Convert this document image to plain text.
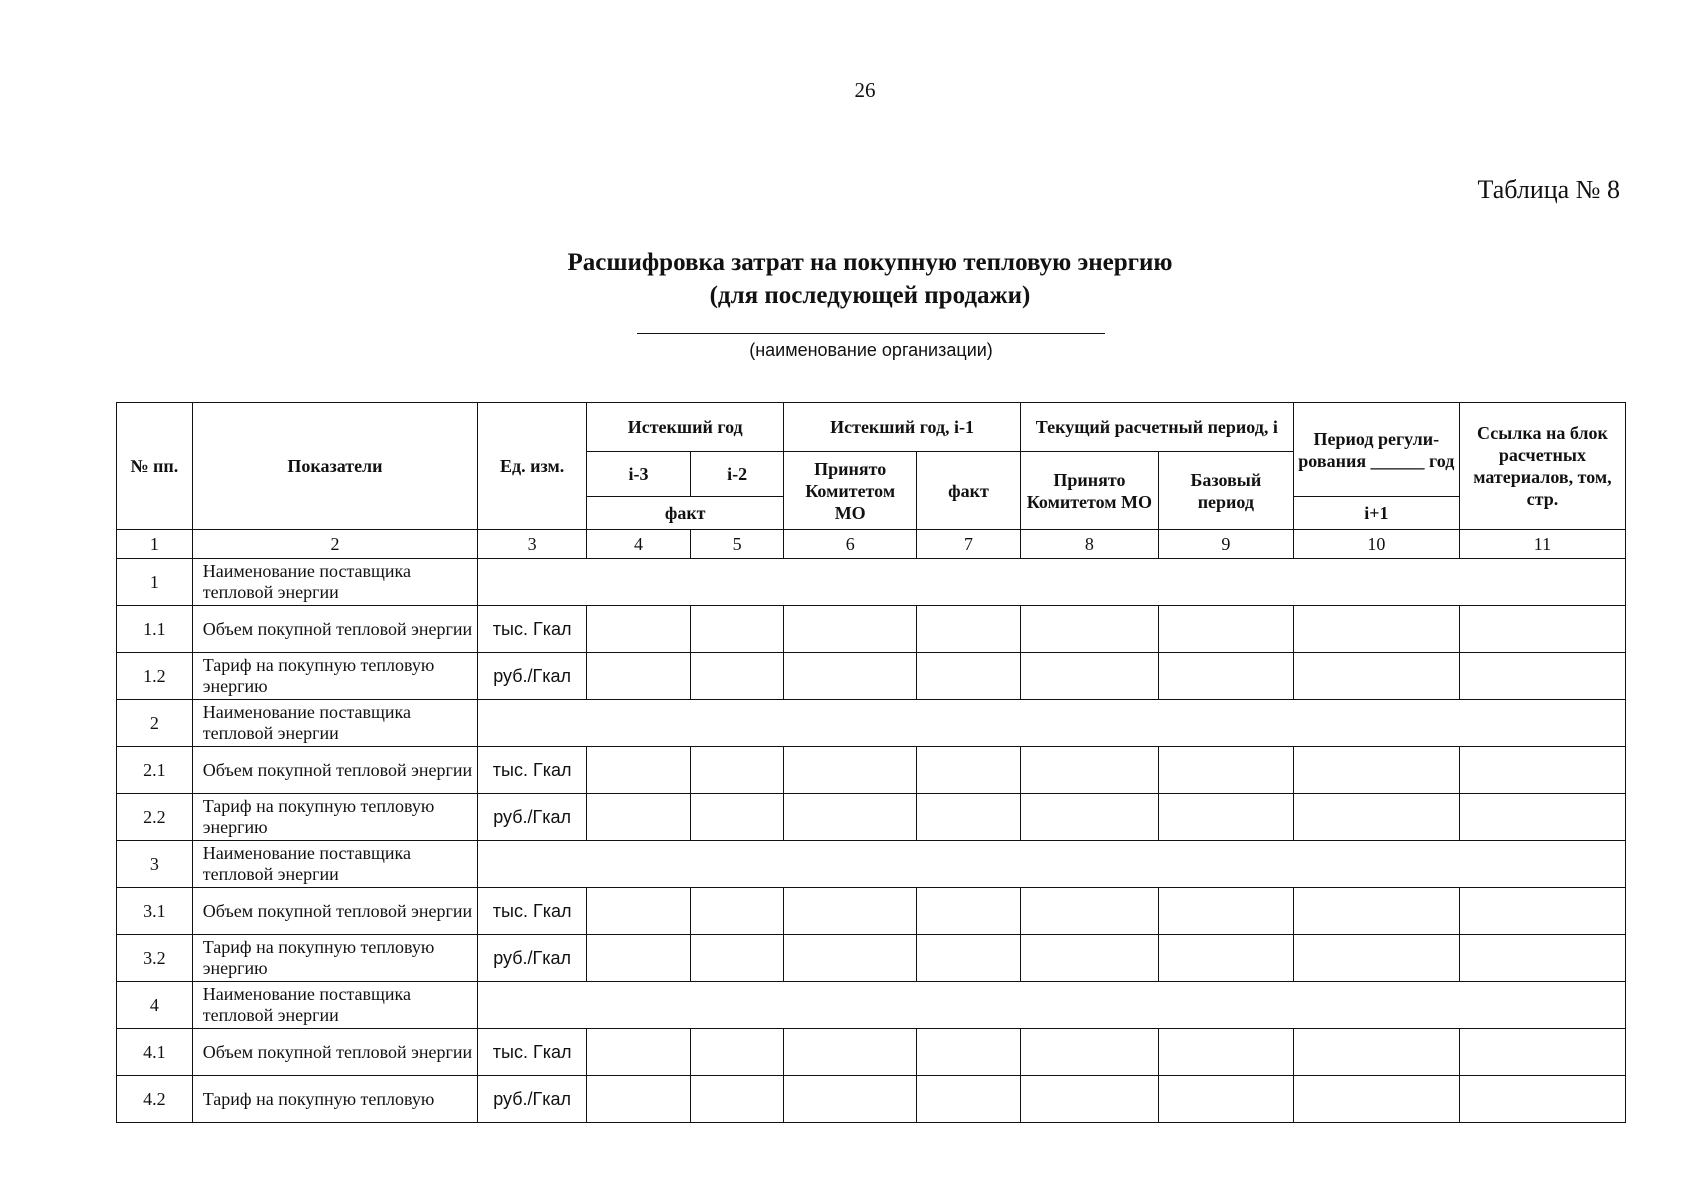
26
Таблица № 8
Расшифровка затрат на покупную тепловую энергию
(для последующей продажи)
(наименование организации)
№ пп.	Показатели	Ед. изм.	Истекший год		Истекший год, i-1		Текущий расчетный период, i		Период регули-рования ______ год	Ссылка на блок расчетных материалов, том, стр.
			i-3	i-2	Принято Комитетом МО	факт	Принято Комитетом МО	Базовый период		
			факт						i+1	
1	2	3	4	5	6	7	8	9	10	11
1	Наименование поставщика тепловой энергии									
1.1	Объем покупной тепловой энергии	тыс. Гкал								
1.2	Тариф на покупную тепловую энергию	руб./Гкал								
2	Наименование поставщика тепловой энергии									
2.1	Объем покупной тепловой энергии	тыс. Гкал								
2.2	Тариф на покупную тепловую энергию	руб./Гкал								
3	Наименование поставщика тепловой энергии									
3.1	Объем покупной тепловой энергии	тыс. Гкал								
3.2	Тариф на покупную тепловую энергию	руб./Гкал								
4	Наименование поставщика тепловой энергии									
4.1	Объем покупной тепловой энергии	тыс. Гкал								
4.2	Тариф на покупную тепловую	руб./Гкал								
